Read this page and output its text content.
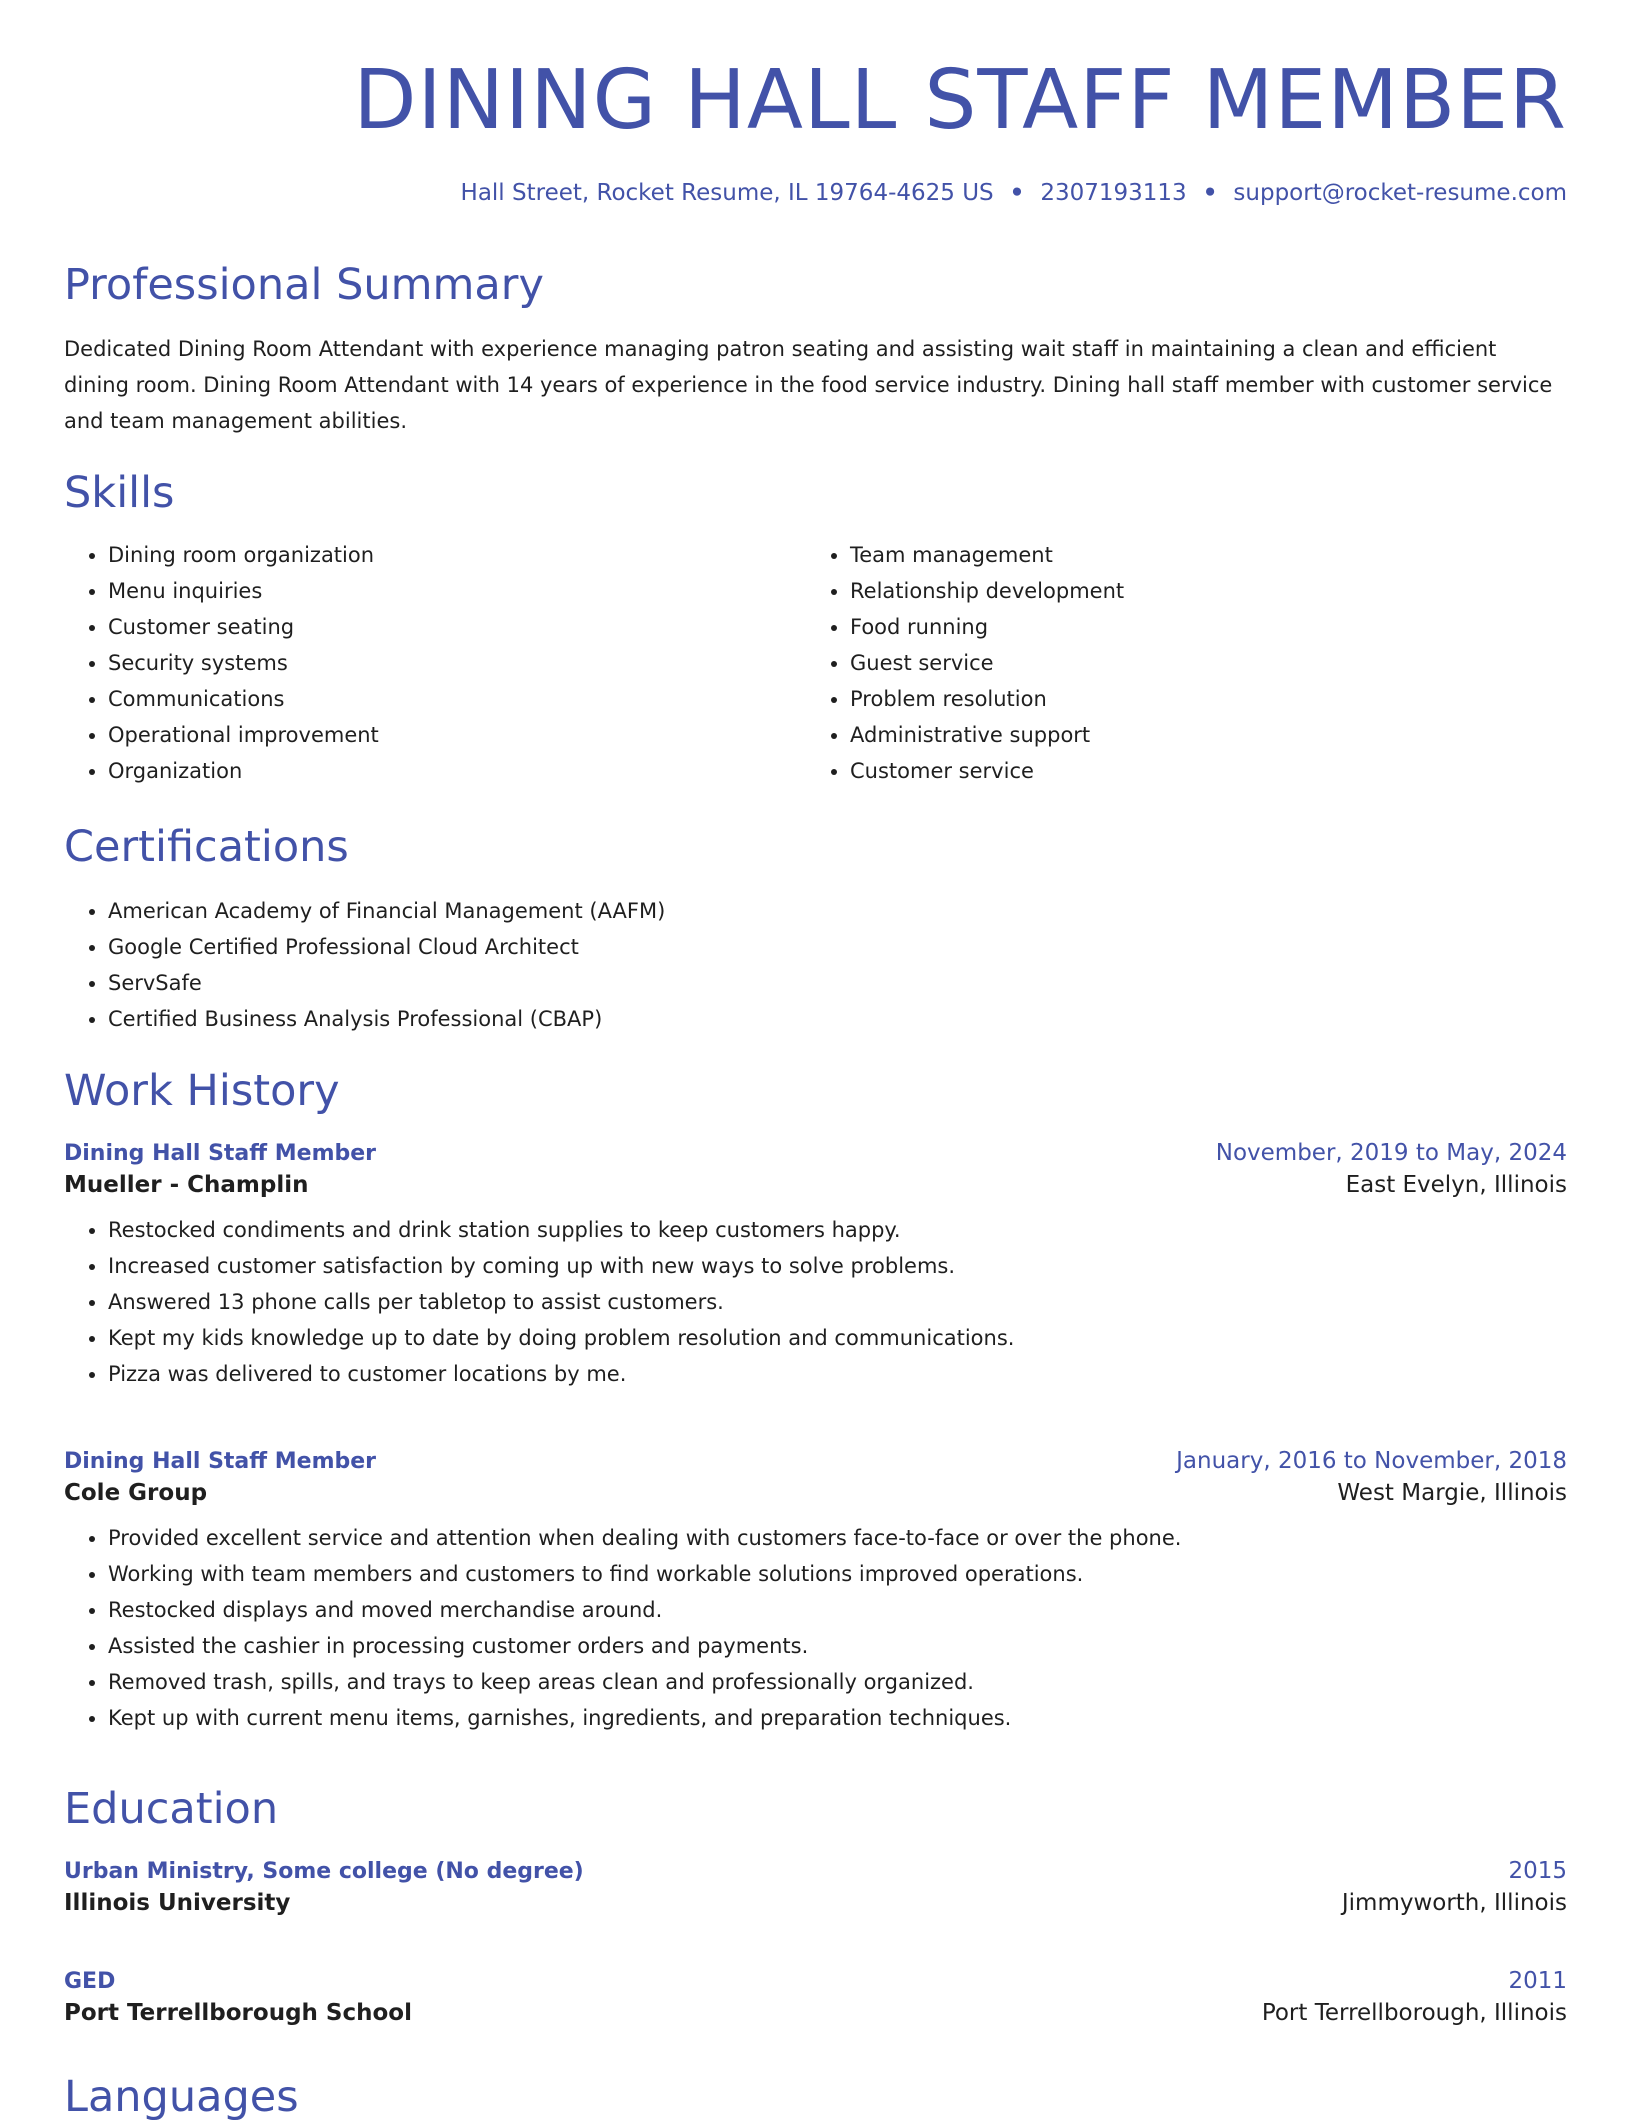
DINING HALL STAFF MEMBER
Hall Street, Rocket Resume, IL 19764-4625 US • 2307193113 • support@rocket-resume.com
Professional Summary
Dedicated Dining Room Attendant with experience managing patron seating and assisting wait staff in maintaining a clean and efficient dining room. Dining Room Attendant with 14 years of experience in the food service industry. Dining hall staff member with customer service and team management abilities.
Skills
• Dining room organization
• Menu inquiries
• Customer seating
• Security systems
• Communications
• Operational improvement
• Organization
• Team management
• Relationship development
• Food running
• Guest service
• Problem resolution
• Administrative support
• Customer service
Certifications
• American Academy of Financial Management (AAFM)
• Google Certified Professional Cloud Architect
• ServSafe
• Certified Business Analysis Professional (CBAP)
Work History
Dining Hall Staff Member	November, 2019 to May, 2024
Mueller - Champlin	East Evelyn, Illinois
• Restocked condiments and drink station supplies to keep customers happy.
• Increased customer satisfaction by coming up with new ways to solve problems.
• Answered 13 phone calls per tabletop to assist customers.
• Kept my kids knowledge up to date by doing problem resolution and communications.
• Pizza was delivered to customer locations by me.
Dining Hall Staff Member	January, 2016 to November, 2018
Cole Group	West Margie, Illinois
• Provided excellent service and attention when dealing with customers face-to-face or over the phone.
• Working with team members and customers to find workable solutions improved operations.
• Restocked displays and moved merchandise around.
• Assisted the cashier in processing customer orders and payments.
• Removed trash, spills, and trays to keep areas clean and professionally organized.
• Kept up with current menu items, garnishes, ingredients, and preparation techniques.
Education
Urban Ministry, Some college (No degree)	2015
Illinois University	Jimmyworth, Illinois
GED	2011
Port Terrellborough School	Port Terrellborough, Illinois
Languages
